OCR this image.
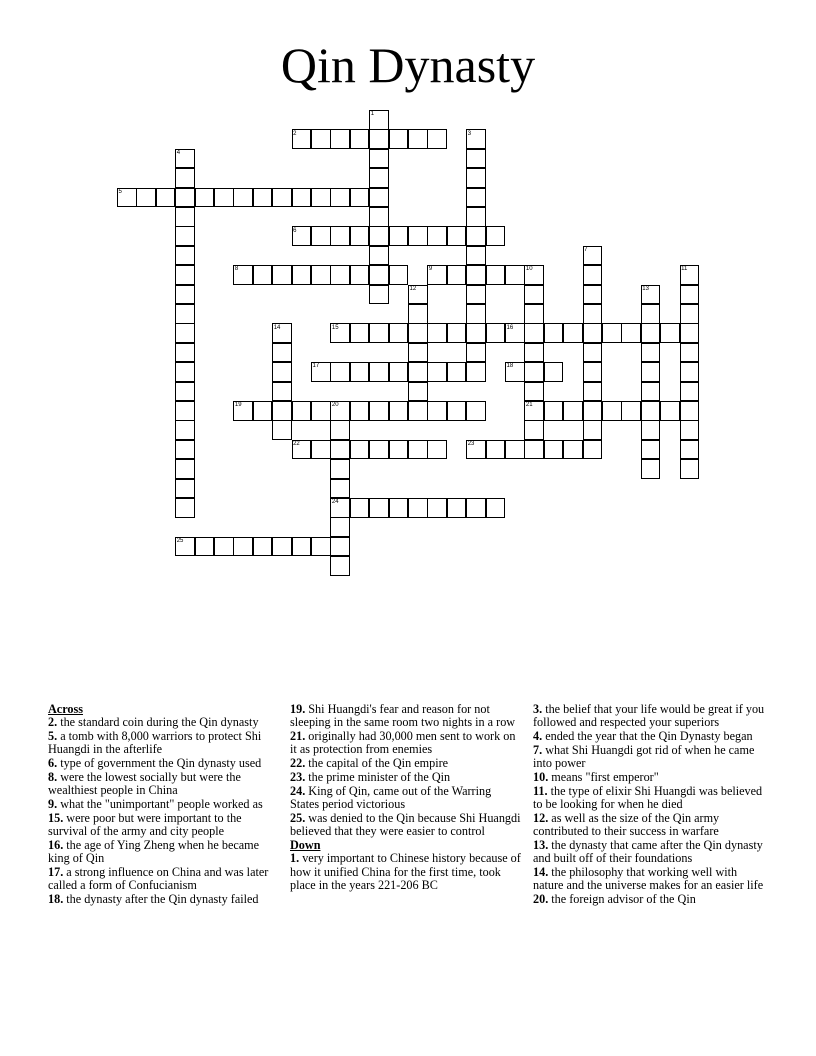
Qin Dynasty
1
2	3
4
5
6
7
8	9	10	11
12	13
14	15	16
17	18
19	20	21
22	23
24
25
Across
2. the standard coin during the Qin dynasty
5. a tomb with 8,000 warriors to protect Shi Huangdi in the afterlife
6. type of government the Qin dynasty used
8. were the lowest socially but were the wealthiest people in China
9. what the "unimportant" people worked as
15. were poor but were important to the survival of the army and city people
16. the age of Ying Zheng when he became king of Qin
17. a strong influence on China and was later called a form of Confucianism
18. the dynasty after the Qin dynasty failed
19. Shi Huangdi's fear and reason for not sleeping in the same room two nights in a row
21. originally had 30,000 men sent to work on it as protection from enemies
22. the capital of the Qin empire
23. the prime minister of the Qin
24. King of Qin, came out of the Warring States period victorious
25. was denied to the Qin because Shi Huangdi believed that they were easier to control
Down
1. very important to Chinese history because of how it unified China for the first time, took place in the years 221-206 BC
3. the belief that your life would be great if you followed and respected your superiors
4. ended the year that the Qin Dynasty began
7. what Shi Huangdi got rid of when he came into power
10. means "first emperor"
11. the type of elixir Shi Huangdi was believed to be looking for when he died
12. as well as the size of the Qin army contributed to their success in warfare
13. the dynasty that came after the Qin dynasty and built off of their foundations
14. the philosophy that working well with nature and the universe makes for an easier life
20. the foreign advisor of the Qin
